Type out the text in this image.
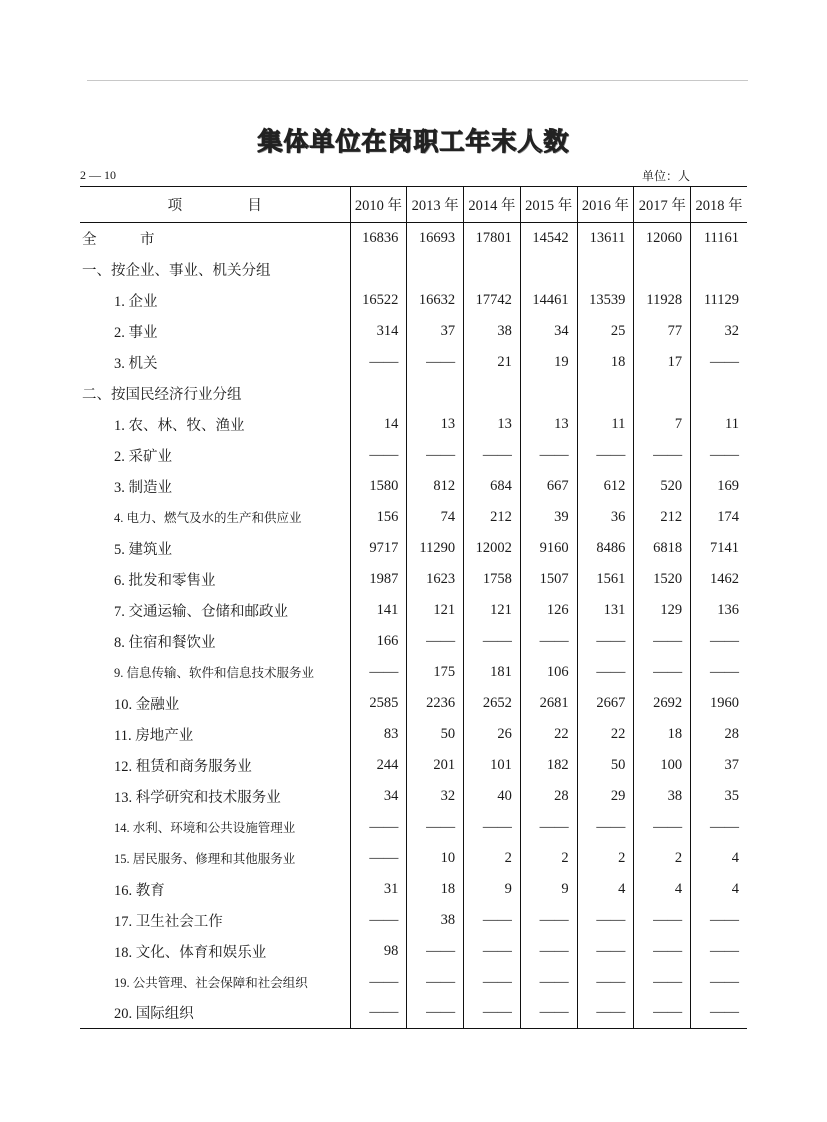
集体单位在岗职工年末人数
2 — 10	单位：人
项 目	2010 年	2013 年	2014 年	2015 年	2016 年	2017 年	2018 年
全　　　市	16836	16693	17801	14542	13611	12060	11161
一、按企业、事业、机关分组							
1. 企业	16522	16632	17742	14461	13539	11928	11129
2. 事业	314	37	38	34	25	77	32
3. 机关	——	——	21	19	18	17	——
二、按国民经济行业分组							
1. 农、林、牧、渔业	14	13	13	13	11	7	11
2. 采矿业	——	——	——	——	——	——	——
3. 制造业	1580	812	684	667	612	520	169
4. 电力、燃气及水的生产和供应业	156	74	212	39	36	212	174
5. 建筑业	9717	11290	12002	9160	8486	6818	7141
6. 批发和零售业	1987	1623	1758	1507	1561	1520	1462
7. 交通运输、仓储和邮政业	141	121	121	126	131	129	136
8. 住宿和餐饮业	166	——	——	——	——	——	——
9. 信息传输、软件和信息技术服务业	——	175	181	106	——	——	——
10. 金融业	2585	2236	2652	2681	2667	2692	1960
11. 房地产业	83	50	26	22	22	18	28
12. 租赁和商务服务业	244	201	101	182	50	100	37
13. 科学研究和技术服务业	34	32	40	28	29	38	35
14. 水利、环境和公共设施管理业	——	——	——	——	——	——	——
15. 居民服务、修理和其他服务业	——	10	2	2	2	2	4
16. 教育	31	18	9	9	4	4	4
17. 卫生社会工作	——	38	——	——	——	——	——
18. 文化、体育和娱乐业	98	——	——	——	——	——	——
19. 公共管理、社会保障和社会组织	——	——	——	——	——	——	——
20. 国际组织	——	——	——	——	——	——	——
